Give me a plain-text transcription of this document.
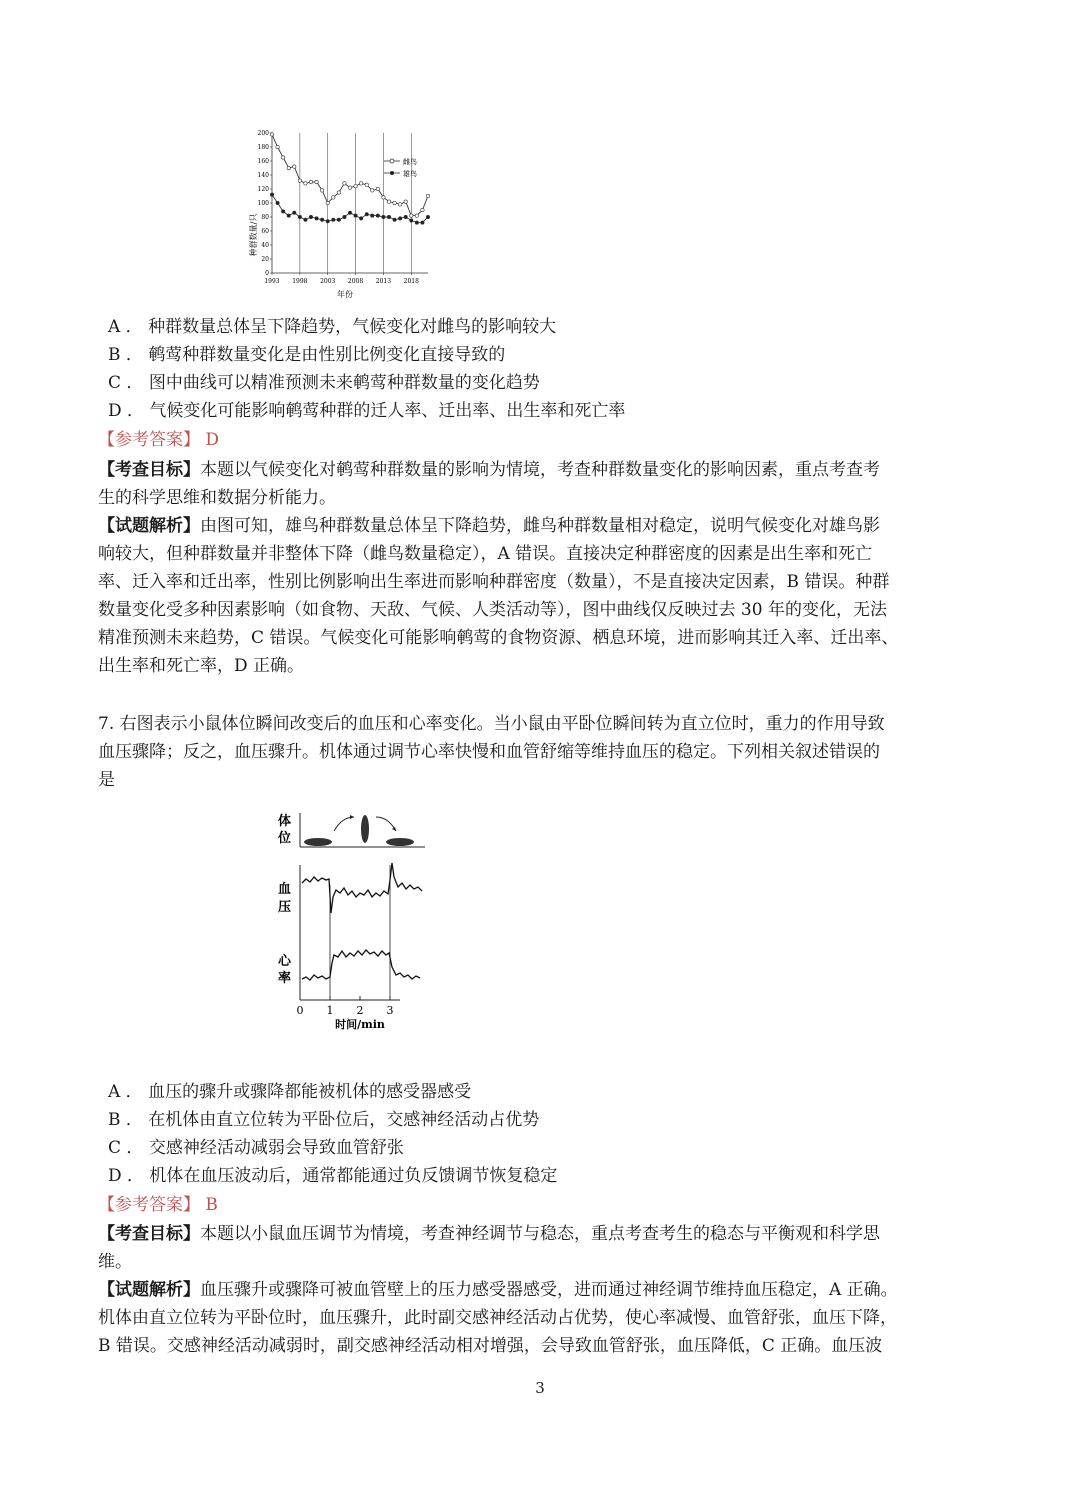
200
180
160
140
120
100
80
60
40
20
0
1993 1998 2003 2008 2013 2018
种群数量/只
年份
雌鸟
雄鸟
A ． 种群数量总体呈下降趋势，气候变化对雌鸟的影响较大
B ． 鹌莺种群数量变化是由性别比例变化直接导致的
C ． 图中曲线可以精准预测未来鹌莺种群数量的变化趋势
D ． 气候变化可能影响鹌莺种群的迁人率、迁出率、出生率和死亡率
【参考答案】 D
【考查目标】本题以气候变化对鹌莺种群数量的影响为情境，考查种群数量变化的影响因素，重点考查考
生的科学思维和数据分析能力。
【试题解析】由图可知，雄鸟种群数量总体呈下降趋势，雌鸟种群数量相对稳定，说明气候变化对雄鸟影
响较大，但种群数量并非整体下降（雌鸟数量稳定），A 错误。直接决定种群密度的因素是出生率和死亡
率、迁入率和迁出率，性别比例影响出生率进而影响种群密度（数量），不是直接决定因素，B 错误。种群
数量变化受多种因素影响（如食物、天敌、气候、人类活动等），图中曲线仅反映过去 30 年的变化，无法
精准预测未来趋势，C 错误。气候变化可能影响鹌莺的食物资源、栖息环境，进而影响其迁入率、迁出率、
出生率和死亡率，D 正确。
7. 右图表示小鼠体位瞬间改变后的血压和心率变化。当小鼠由平卧位瞬间转为直立位时，重力的作用导致
血压骤降；反之，血压骤升。机体通过调节心率快慢和血管舒缩等维持血压的稳定。下列相关叙述错误的
是
体
位
血
压
心
率
0 1 2 3
时间/min
A ． 血压的骤升或骤降都能被机体的感受器感受
B ． 在机体由直立位转为平卧位后，交感神经活动占优势
C ． 交感神经活动减弱会导致血管舒张
D ． 机体在血压波动后，通常都能通过负反馈调节恢复稳定
【参考答案】 B
【考查目标】本题以小鼠血压调节为情境，考查神经调节与稳态，重点考查考生的稳态与平衡观和科学思
维。
【试题解析】血压骤升或骤降可被血管壁上的压力感受器感受，进而通过神经调节维持血压稳定，A 正确。
机体由直立位转为平卧位时，血压骤升，此时副交感神经活动占优势，使心率减慢、血管舒张，血压下降，
B 错误。交感神经活动减弱时，副交感神经活动相对增强，会导致血管舒张，血压降低，C 正确。血压波
3
